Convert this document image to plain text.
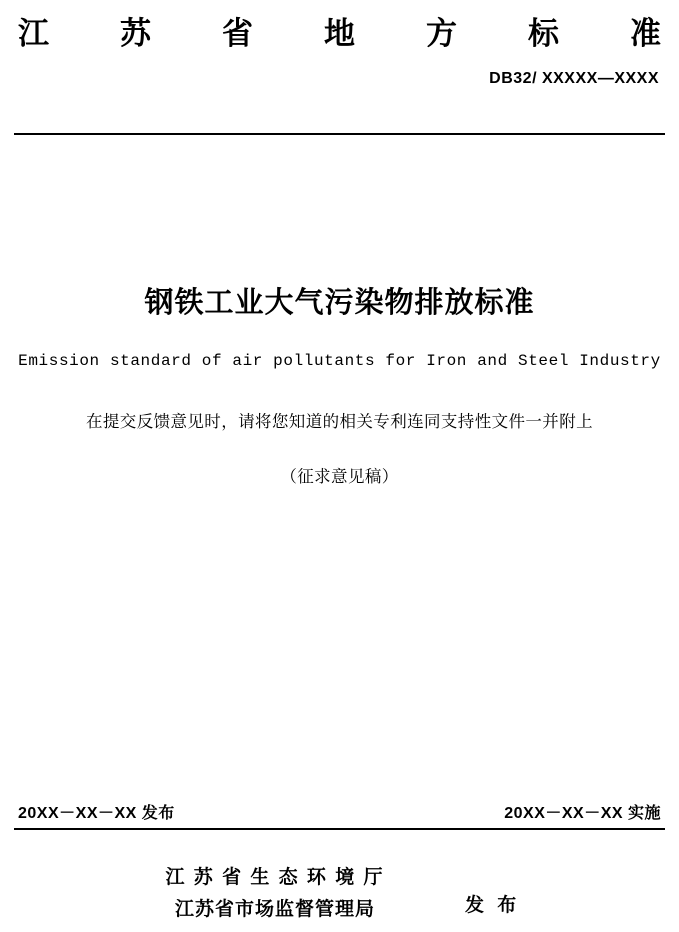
江 苏 省 地 方 标 准
DB32/ XXXXX—XXXX
钢铁工业大气污染物排放标准
Emission standard of air pollutants for Iron and Steel Industry
在提交反馈意见时，请将您知道的相关专利连同支持性文件一并附上
（征求意见稿）
20XX－XX－XX 发布	20XX－XX－XX 实施
江 苏 省 生 态 环 境 厅
江苏省市场监督管理局	发 布
